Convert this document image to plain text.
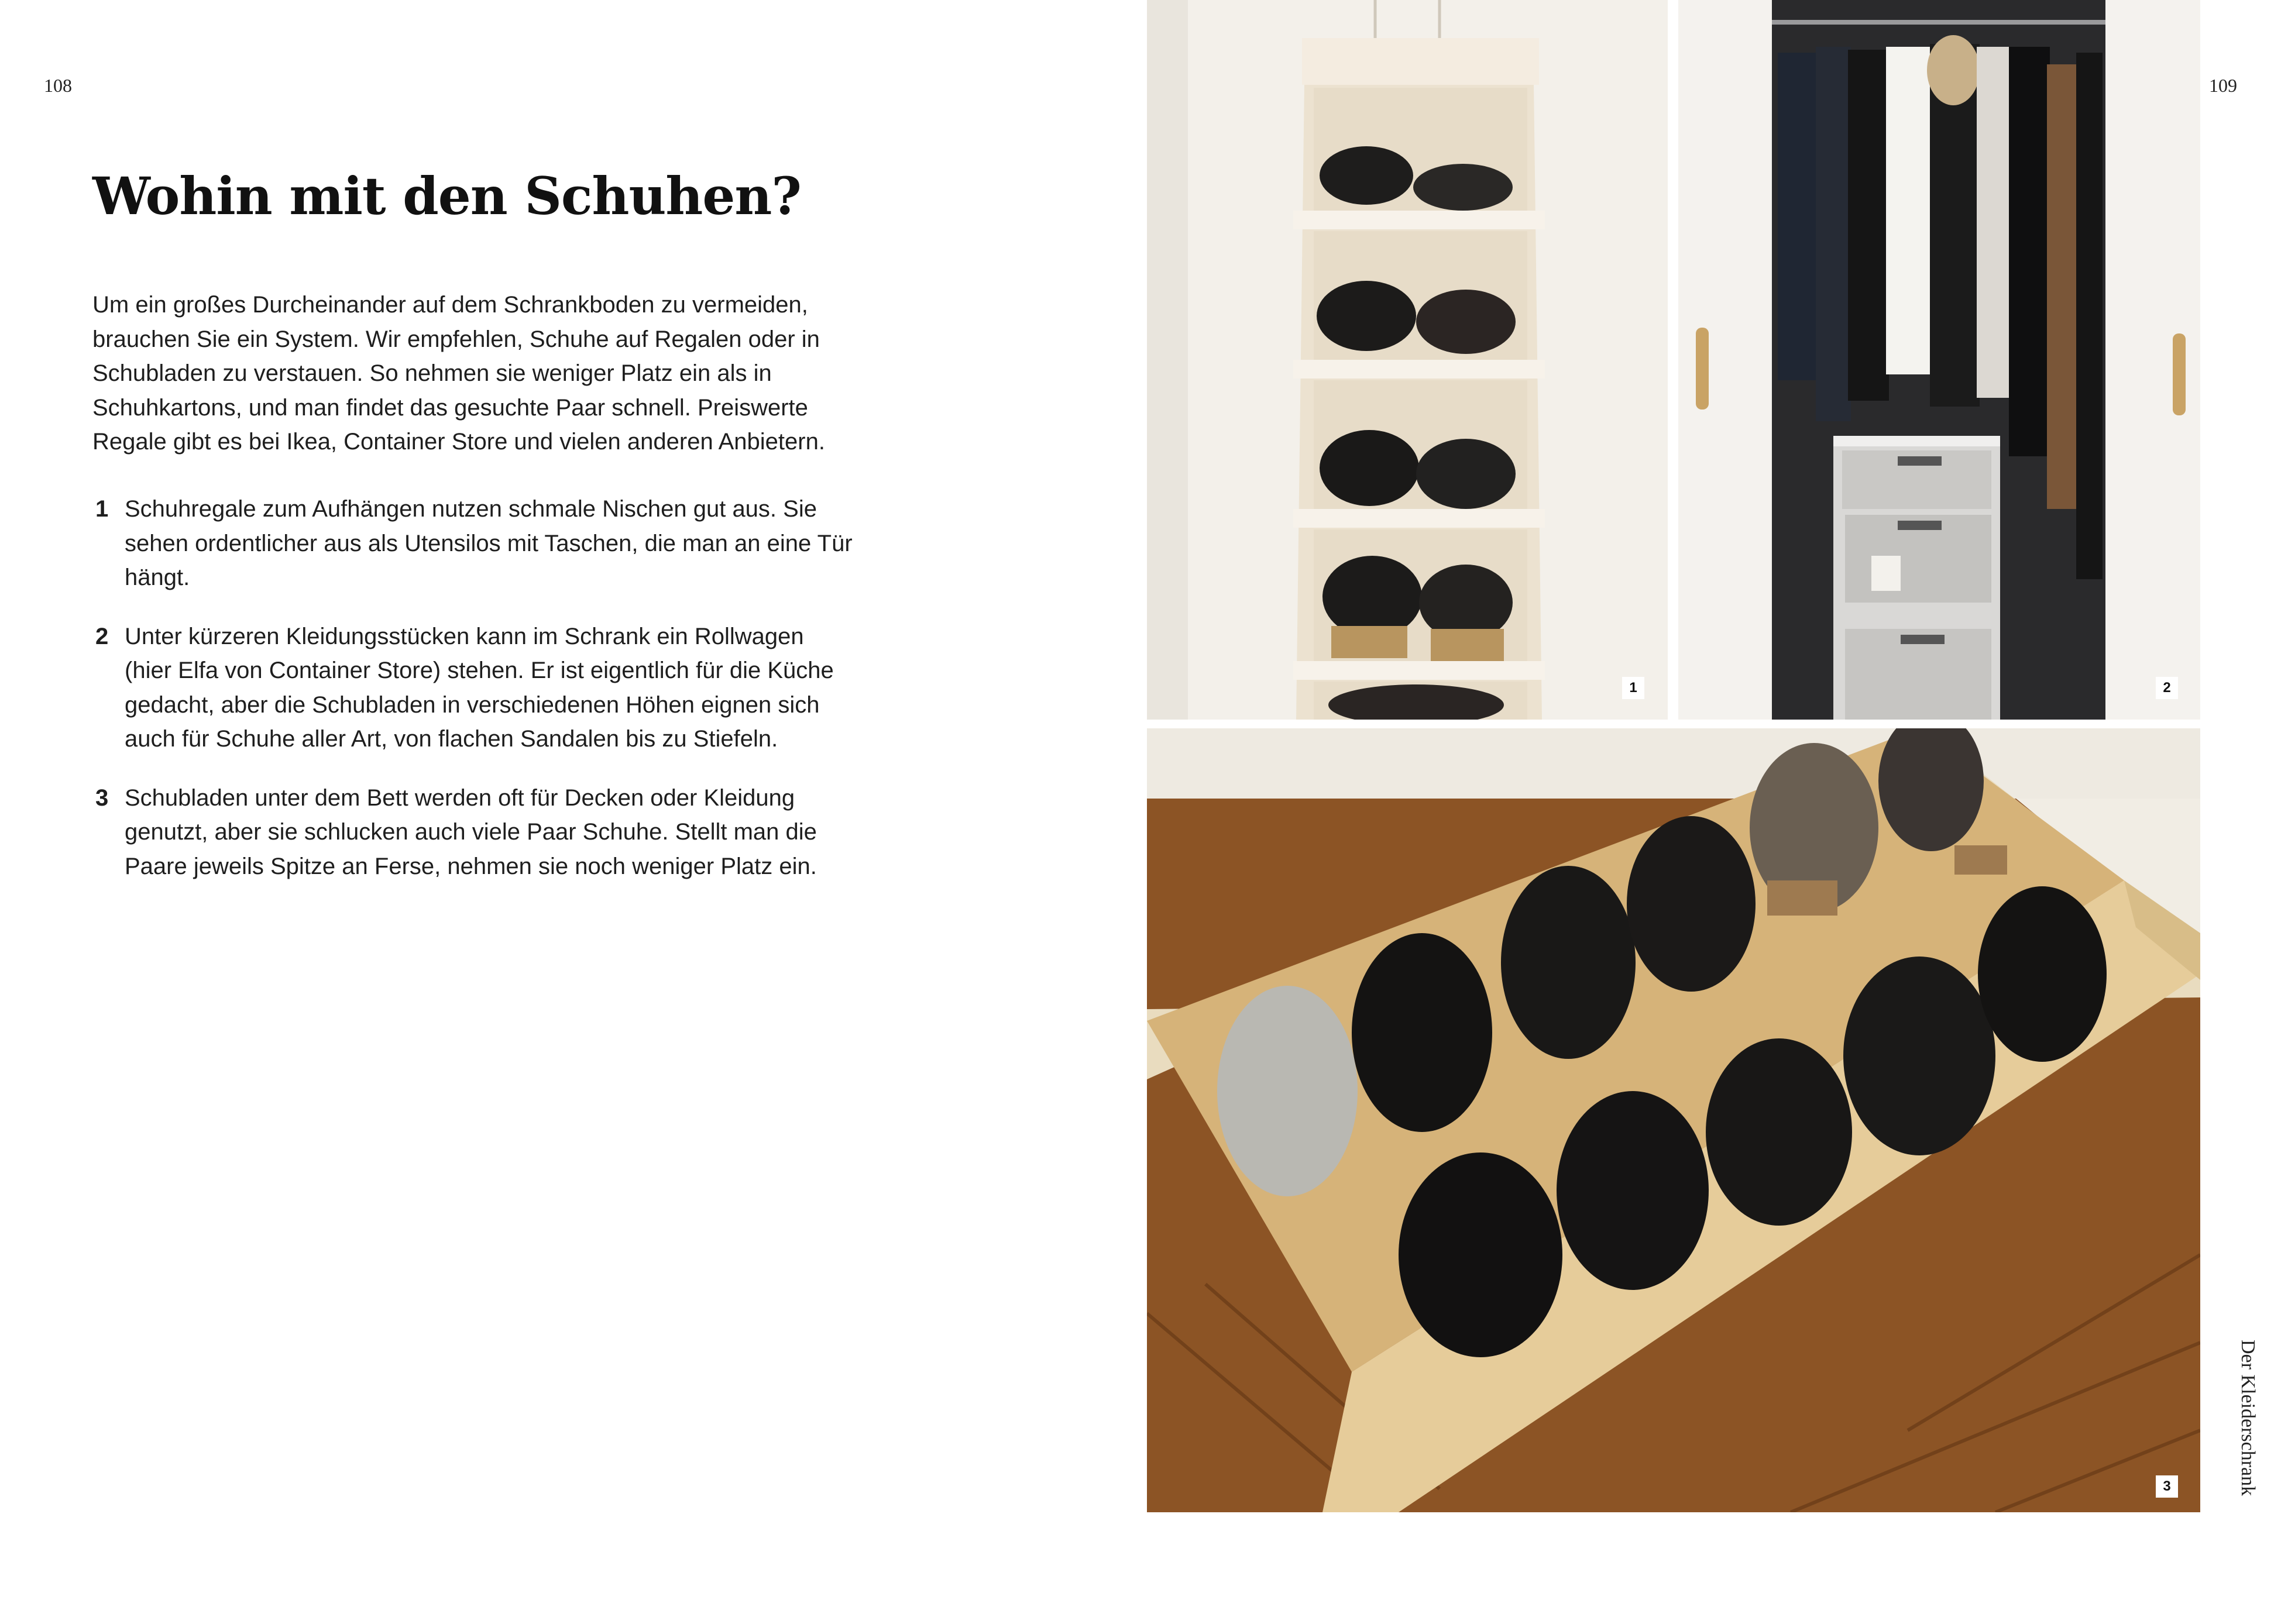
108	109
Wohin mit den Schuhen?

Um ein großes Durcheinander auf dem Schrankboden zu vermeiden, brauchen Sie ein System. Wir empfehlen, Schuhe auf Regalen oder in Schubladen zu verstauen. So nehmen sie weniger Platz ein als in Schuhkartons, und man findet das gesuchte Paar schnell. Preiswerte Regale gibt es bei Ikea, Container Store und vielen anderen Anbietern.

1 Schuhregale zum Aufhängen nutzen schmale Nischen gut aus. Sie sehen ordentlicher aus als Utensilos mit Taschen, die man an eine Tür hängt.
2 Unter kürzeren Kleidungsstücken kann im Schrank ein Rollwagen (hier Elfa von Container Store) stehen. Er ist eigentlich für die Küche gedacht, aber die Schubladen in verschiedenen Höhen eignen sich auch für Schuhe aller Art, von flachen Sandalen bis zu Stiefeln.
3 Schubladen unter dem Bett werden oft für Decken oder Kleidung genutzt, aber sie schlucken auch viele Paar Schuhe. Stellt man die Paare jeweils Spitze an Ferse, nehmen sie noch weniger Platz ein.
1	2
3	Der Kleiderschrank
